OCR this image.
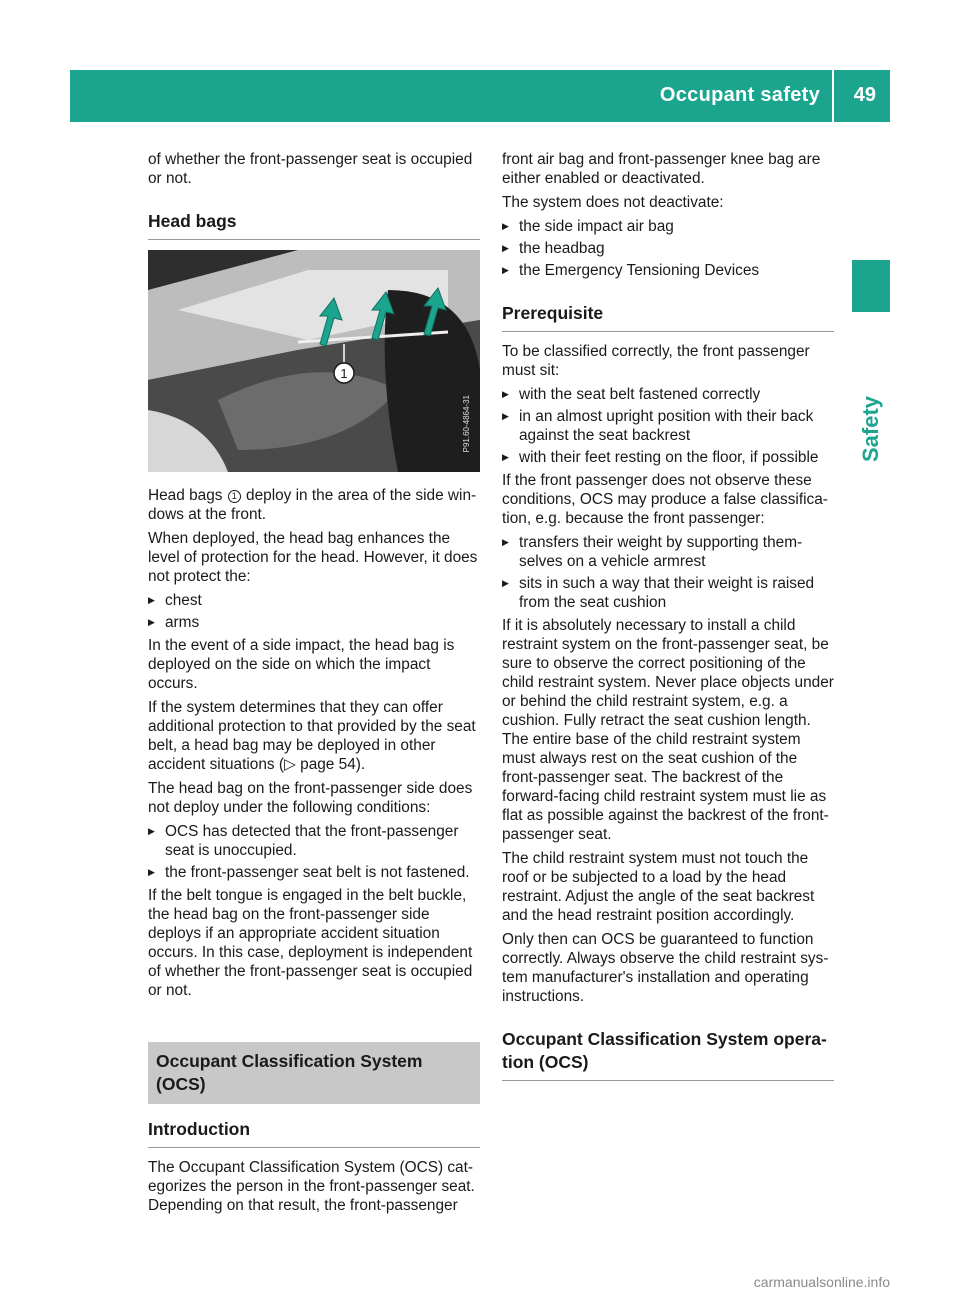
Occupant safety 49
Safety

of whether the front-passenger seat is occupied or not.

Head bags
1
P91.60-4864-31

Head bags 1 deploy in the area of the side win-dows at the front.

When deployed, the head bag enhances the level of protection for the head. However, it does not protect the:

▶ chest
▶ arms

In the event of a side impact, the head bag is deployed on the side on which the impact occurs.

If the system determines that they can offer additional protection to that provided by the seat belt, a head bag may be deployed in other accident situations (▷ page 54).

The head bag on the front-passenger side does not deploy under the following conditions:

▶ OCS has detected that the front-passenger seat is unoccupied.
▶ the front-passenger seat belt is not fastened.

If the belt tongue is engaged in the belt buckle, the head bag on the front-passenger side deploys if an appropriate accident situation occurs. In this case, deployment is independent of whether the front-passenger seat is occupied or not.

Occupant Classification System
(OCS)
Introduction

The Occupant Classification System (OCS) cat-egorizes the person in the front-passenger seat. Depending on that result, the front-passenger

front air bag and front-passenger knee bag are either enabled or deactivated.

The system does not deactivate:

▶ the side impact air bag
▶ the headbag
▶ the Emergency Tensioning Devices
Prerequisite

To be classified correctly, the front passenger must sit:

▶ with the seat belt fastened correctly
▶ in an almost upright position with their back against the seat backrest
▶ with their feet resting on the floor, if possible

If the front passenger does not observe these conditions, OCS may produce a false classifica-tion, e.g. because the front passenger:

▶ transfers their weight by supporting them-selves on a vehicle armrest
▶ sits in such a way that their weight is raised from the seat cushion

If it is absolutely necessary to install a child restraint system on the front-passenger seat, be sure to observe the correct positioning of the child restraint system. Never place objects under or behind the child restraint system, e.g. a cushion. Fully retract the seat cushion length. The entire base of the child restraint system must always rest on the seat cushion of the front-passenger seat. The backrest of the forward-facing child restraint system must lie as flat as possible against the backrest of the front-passenger seat.

The child restraint system must not touch the roof or be subjected to a load by the head restraint. Adjust the angle of the seat backrest and the head restraint position accordingly.

Only then can OCS be guaranteed to function correctly. Always observe the child restraint sys-tem manufacturer's installation and operating instructions.

Occupant Classification System opera-tion (OCS)
carmanualsonline.info
